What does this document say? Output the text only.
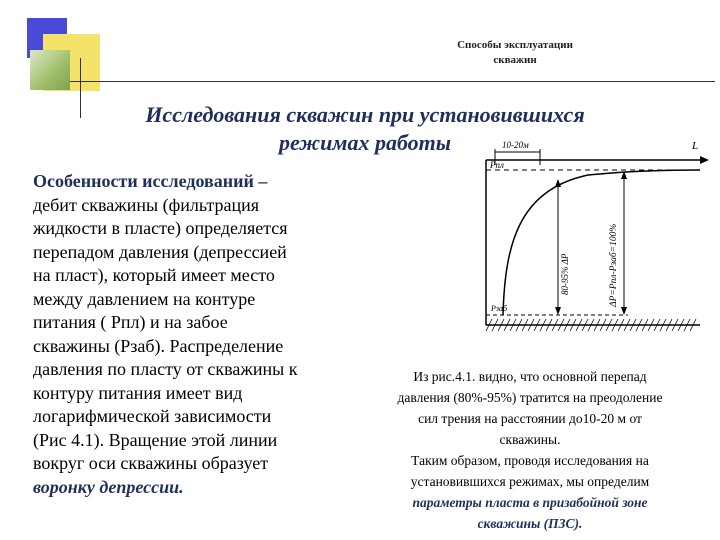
Способы эксплуатации
скважин
Исследования скважин при установившихся
режимах работы
Особенности исследований –
дебит скважины (фильтрация
жидкости в пласте) определяется
перепадом давления (депрессией
на пласт), который имеет место
между давлением на контуре
питания ( Рпл) и на забое
скважины (Рзаб). Распределение
давления по пласту от скважины к
контуру питания имеет вид
логарифмической зависимости
(Рис 4.1). Вращение этой линии
вокруг оси скважины образует
воронку депрессии.
L
10-20м
Рпл
Рзаб
80-95% ΔР	ΔР=Рпл-Рзаб=100%
Из рис.4.1. видно, что основной перепад
давления (80%-95%) тратится на преодоление
сил трения на расстоянии до10-20 м от
скважины.
Таким образом, проводя исследования на
установившихся режимах, мы определим
параметры пласта в призабойной зоне
скважины (ПЗС).
